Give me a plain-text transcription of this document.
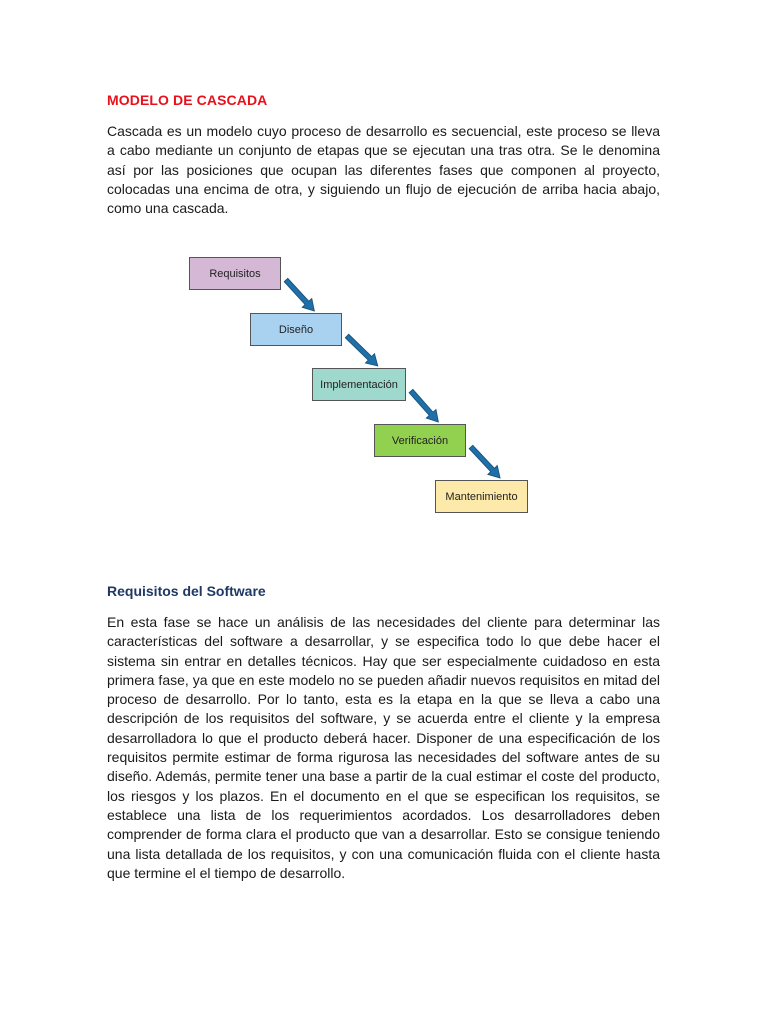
MODELO DE CASCADA

Cascada es un modelo cuyo proceso de desarrollo es secuencial, este proceso se lleva a cabo mediante un conjunto de etapas que se ejecutan una tras otra. Se le denomina así por las posiciones que ocupan las diferentes fases que componen al proyecto, colocadas una encima de otra, y siguiendo un flujo de ejecución de arriba hacia abajo, como una cascada.

Requisitos
Diseño
Implementación
Verificación
Mantenimiento
Requisitos del Software

En esta fase se hace un análisis de las necesidades del cliente para determinar las características del software a desarrollar, y se especifica todo lo que debe hacer el sistema sin entrar en detalles técnicos. Hay que ser especialmente cuidadoso en esta primera fase, ya que en este modelo no se pueden añadir nuevos requisitos en mitad del proceso de desarrollo. Por lo tanto, esta es la etapa en la que se lleva a cabo una descripción de los requisitos del software, y se acuerda entre el cliente y la empresa desarrolladora lo que el producto deberá hacer. Disponer de una especificación de los requisitos permite estimar de forma rigurosa las necesidades del software antes de su diseño. Además, permite tener una base a partir de la cual estimar el coste del producto, los riesgos y los plazos. En el documento en el que se especifican los requisitos, se establece una lista de los requerimientos acordados. Los desarrolladores deben comprender de forma clara el producto que van a desarrollar. Esto se consigue teniendo una lista detallada de los requisitos, y con una comunicación fluida con el cliente hasta que termine el el tiempo de desarrollo.
